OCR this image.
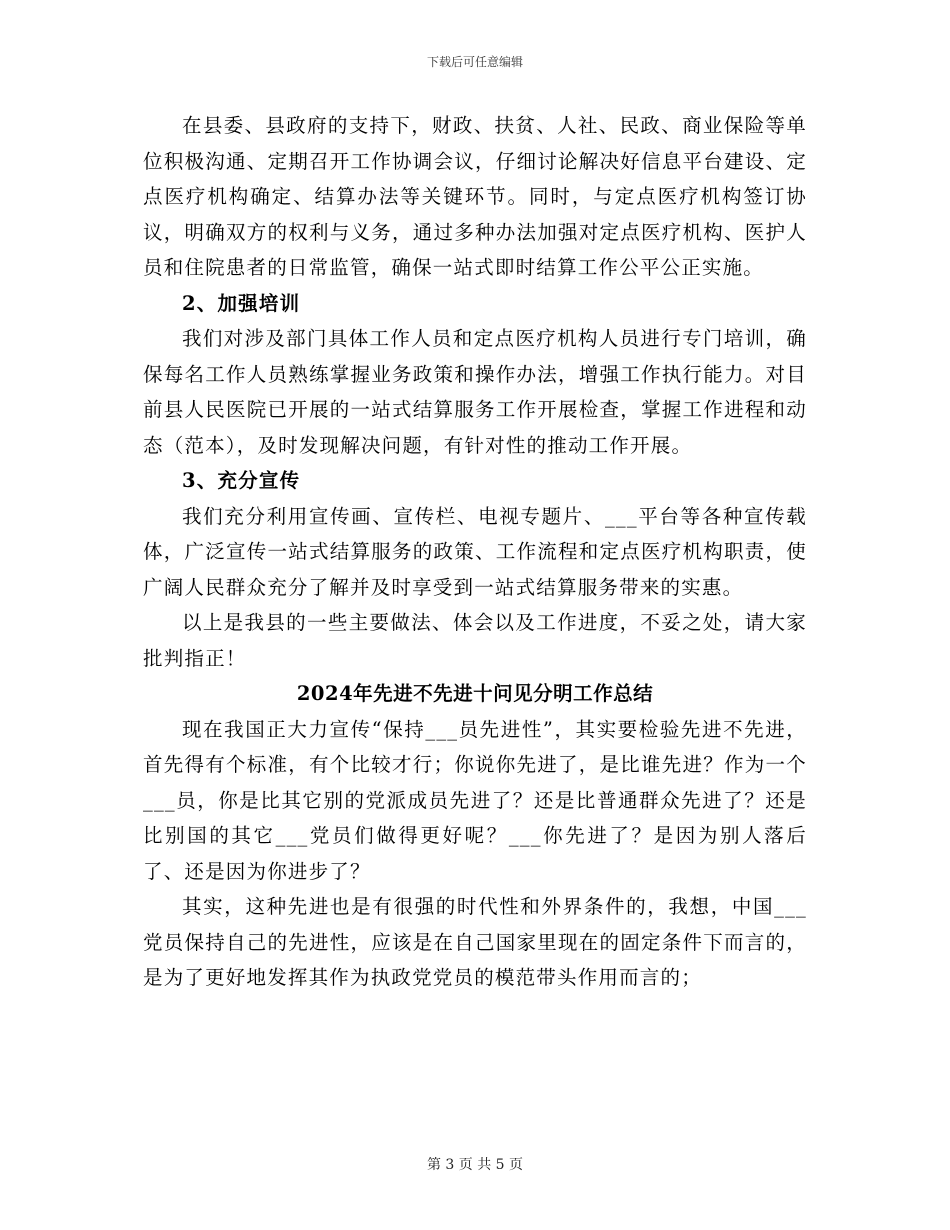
下载后可任意编辑

在县委、县政府的支持下，财政、扶贫、人社、民政、商业保险等单位积极沟通、定期召开工作协调会议，仔细讨论解决好信息平台建设、定点医疗机构确定、结算办法等关键环节。同时，与定点医疗机构签订协议，明确双方的权利与义务，通过多种办法加强对定点医疗机构、医护人员和住院患者的日常监管，确保一站式即时结算工作公平公正实施。

2、加强培训

我们对涉及部门具体工作人员和定点医疗机构人员进行专门培训，确保每名工作人员熟练掌握业务政策和操作办法，增强工作执行能力。对目前县人民医院已开展的一站式结算服务工作开展检查，掌握工作进程和动态（范本），及时发现解决问题，有针对性的推动工作开展。

3、充分宣传

我们充分利用宣传画、宣传栏、电视专题片、___平台等各种宣传载体，广泛宣传一站式结算服务的政策、工作流程和定点医疗机构职责，使广阔人民群众充分了解并及时享受到一站式结算服务带来的实惠。

以上是我县的一些主要做法、体会以及工作进度，不妥之处，请大家批判指正！

2024年先进不先进十问见分明工作总结

现在我国正大力宣传“保持___员先进性”，其实要检验先进不先进，首先得有个标准，有个比较才行；你说你先进了，是比谁先进？作为一个___员，你是比其它别的党派成员先进了？还是比普通群众先进了？还是比别国的其它___党员们做得更好呢？___你先进了？是因为别人落后了、还是因为你进步了？

其实，这种先进也是有很强的时代性和外界条件的，我想，中国___党员保持自己的先进性，应该是在自己国家里现在的固定条件下而言的，是为了更好地发挥其作为执政党党员的模范带头作用而言的；

第 3 页 共 5 页
